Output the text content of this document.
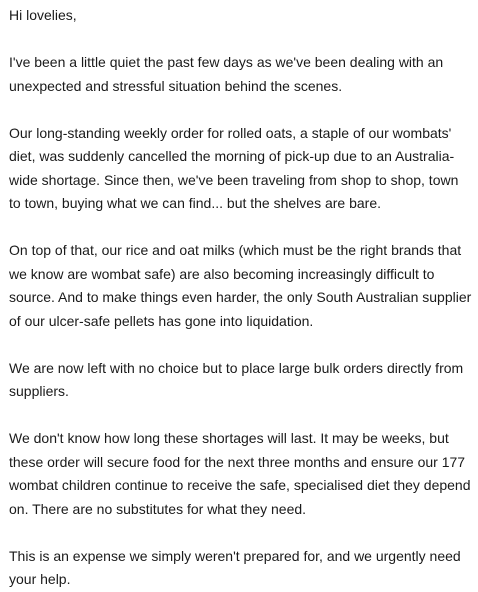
Hi lovelies,

I've been a little quiet the past few days as we've been dealing with an unexpected and stressful situation behind the scenes.

Our long-standing weekly order for rolled oats, a staple of our wombats' diet, was suddenly cancelled the morning of pick-up due to an Australia-wide shortage. Since then, we've been traveling from shop to shop, town to town, buying what we can find... but the shelves are bare.

On top of that, our rice and oat milks (which must be the right brands that we know are wombat safe) are also becoming increasingly difficult to source. And to make things even harder, the only South Australian supplier of our ulcer-safe pellets has gone into liquidation.

We are now left with no choice but to place large bulk orders directly from suppliers.

We don't know how long these shortages will last. It may be weeks, but these order will secure food for the next three months and ensure our 177 wombat children continue to receive the safe, specialised diet they depend on. There are no substitutes for what they need.

This is an expense we simply weren't prepared for, and we urgently need your help.
